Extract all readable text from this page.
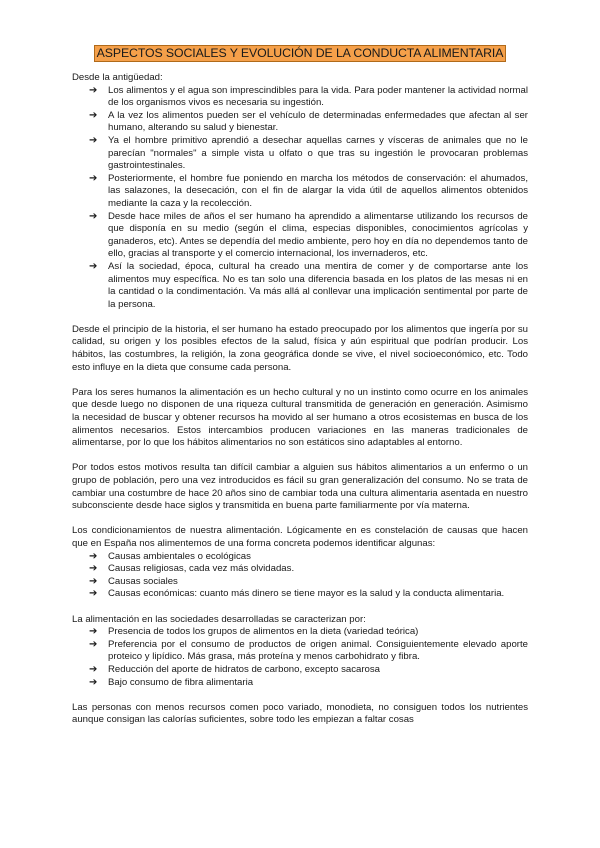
ASPECTOS SOCIALES Y EVOLUCIÓN DE LA CONDUCTA ALIMENTARIA

Desde la antigüedad:

➔ Los alimentos y el agua son imprescindibles para la vida. Para poder mantener la actividad normal de los organismos vivos es necesaria su ingestión.
➔ A la vez los alimentos pueden ser el vehículo de determinadas enfermedades que afectan al ser humano, alterando su salud y bienestar.
➔ Ya el hombre primitivo aprendió a desechar aquellas carnes y vísceras de animales que no le parecían "normales" a simple vista u olfato o que tras su ingestión le provocaran problemas gastrointestinales.
➔ Posteriormente, el hombre fue poniendo en marcha los métodos de conservación: el ahumados, las salazones, la desecación, con el fin de alargar la vida útil de aquellos alimentos obtenidos mediante la caza y la recolección.
➔ Desde hace miles de años el ser humano ha aprendido a alimentarse utilizando los recursos de que disponía en su medio (según el clima, especias disponibles, conocimientos agrícolas y ganaderos, etc). Antes se dependía del medio ambiente, pero hoy en día no dependemos tanto de ello, gracias al transporte y el comercio internacional, los invernaderos, etc.
➔ Así la sociedad, época, cultural ha creado una mentira de comer y de comportarse ante los alimentos muy específica. No es tan solo una diferencia basada en los platos de las mesas ni en la cantidad o la condimentación. Va más allá al conllevar una implicación sentimental por parte de la persona.

Desde el principio de la historia, el ser humano ha estado preocupado por los alimentos que ingería por su calidad, su origen y los posibles efectos de la salud, física y aún espiritual que podrían producir. Los hábitos, las costumbres, la religión, la zona geográfica donde se vive, el nivel socioeconómico, etc. Todo esto influye en la dieta que consume cada persona.

Para los seres humanos la alimentación es un hecho cultural y no un instinto como ocurre en los animales que desde luego no disponen de una riqueza cultural transmitida de generación en generación. Asimismo la necesidad de buscar y obtener recursos ha movido al ser humano a otros ecosistemas en busca de los alimentos necesarios. Estos intercambios producen variaciones en las maneras tradicionales de alimentarse, por lo que los hábitos alimentarios no son estáticos sino adaptables al entorno.

Por todos estos motivos resulta tan difícil cambiar a alguien sus hábitos alimentarios a un enfermo o un grupo de población, pero una vez introducidos es fácil su gran generalización del consumo. No se trata de cambiar una costumbre de hace 20 años sino de cambiar toda una cultura alimentaria asentada en nuestro subconsciente desde hace siglos y transmitida en buena parte familiarmente por vía materna.

Los condicionamientos de nuestra alimentación. Lógicamente en es constelación de causas que hacen que en España nos alimentemos de una forma concreta podemos identificar algunas:

➔ Causas ambientales o ecológicas
➔ Causas religiosas, cada vez más olvidadas.
➔ Causas sociales
➔ Causas económicas: cuanto más dinero se tiene mayor es la salud y la conducta alimentaria.

La alimentación en las sociedades desarrolladas se caracterizan por:

➔ Presencia de todos los grupos de alimentos en la dieta (variedad teórica)
➔ Preferencia por el consumo de productos de origen animal. Consiguientemente elevado aporte proteico y lipídico. Más grasa, más proteína y menos carbohidrato y fibra.
➔ Reducción del aporte de hidratos de carbono, excepto sacarosa
➔ Bajo consumo de fibra alimentaria

Las personas con menos recursos comen poco variado, monodieta, no consiguen todos los nutrientes aunque consigan las calorías suficientes, sobre todo les empiezan a faltar cosas
